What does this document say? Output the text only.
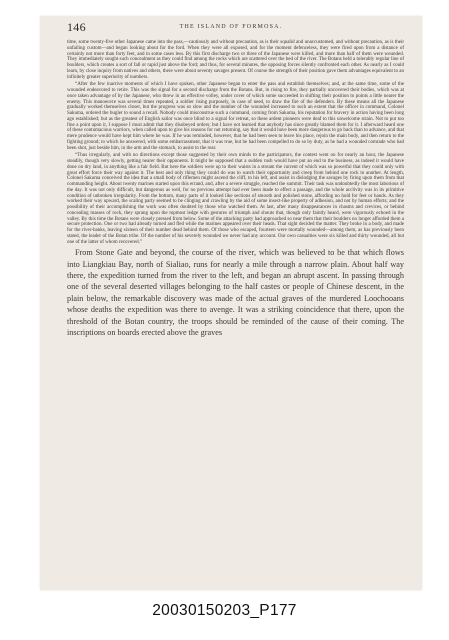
146	THE ISLAND OF FORMOSA.

time, some twenty-five other Japanese came into the pass,—cautiously and without precaution, as is their squalid and unaccustomed, and without precaution, as is their unfailing custom—and began looking about for the ford. When they were all exposed, and for the moment defenceless, they were fired upon from a distance of certainly not more than forty feet, and in some cases less. By this first discharge two or three of the Japanese were killed, and more than half of them were wounded. They immediately sought such concealment as they could find among the rocks which are scattered over the bed of the river. The Botans held a tolerably regular line of boulders, which creates a sort of fall or rapid just above the ford; and thus, for several minutes, the opposing forces silently confronted each other. As nearly as I could learn, by close inquiry from natives and others, there were about seventy savages present. Of course the strength of their position gave them advantages equivalent to an infinitely greater superiority of numbers.

“After the few inactive moments of which I have spoken, other Japanese began to enter the pass and establish themselves; and, at the same time, some of the wounded endeavored to retire. This was the signal for a second discharge from the Botans. But, in rising to fire, they partially uncovered their bodies, which was at once taken advantage of by the Japanese, who threw in an effective volley, under cover of which some succeeded in shifting their position to points a little nearer the enemy. This manoeuvre was several times repeated, a soldier rising purposely, in case of need, to draw the fire of the defenders. By these means all the Japanese gradually worked themselves closer, but the progress was so slow and the number of the wounded increased to such an extent that the officer in command, Colonel Sakuma, ordered the bugler to sound a recall. Nobody could misconstrue such a command, coming from Sakuma, his reputation for bravery in action having been long ago established; but as the greatest of English sailor was once blind to a signal for retreat, so these ardent pioneers were deaf to this unwelcome strain. Not to put too fine a point upon it, I suppose I must admit that they disobeyed orders; but I have not learned that anybody has since greatly blamed them for it. I afterward heard one of these contumacious warriors, when called upon to give his reasons for not returning, say that it would have been more dangerous to go back than to advance, and that mere prudence would have kept him where he was. If he was reminded, however, that he had been seen to leave his place, rejoin the main body, and then return to the fighting ground; to which he answered, with some embarrassment, that it was true, but he had been compelled to do so by duty, as he had a wounded comrade who had been shot, just beside him, in the arm and the stomach, to assist to the rear.

“Thus irregularly, and with no directions except those suggested by their own minds to the participators, the contest went on for nearly an hour, the Japanese steadily, though very slowly, getting nearer their opponents. It might be supposed that a sudden rush would have put an end to the business, as indeed it would have done on dry land, in anything like a fair field. But here the soldiers were up to their waists in a stream the current of which was so powerful that they could only with great effort force their way against it. The best and only thing they could do was to watch their opportunity and creep from behind one rock to another. At length, Colonel Sakuma conceived the idea that a small body of riflemen might ascend the cliff, to his left, and assist in dislodging the savages by firing upon them from that commanding height. About twenty marines started upon this errand, and, after a severe struggle, reached the summit. Their task was undoubtedly the most laborious of the day. It was not only difficult, but dangerous as well, for no previous attempt had ever been made to effect a passage, and the whole acclivity was in its primitive condition of unbroken irregularity. From the bottom, many parts of it looked like sections of smooth and polished stone, affording no hold for feet or hands. As they worked their way upward, the scaling party seemed to be clinging and crawling by the aid of some insect-like property of adhesion, and not by human efforts; and the possibility of their accomplishing the work was often doubted by those who watched them. At last, after many disappearances in chasms and crevices, or behind concealing masses of rock, they sprang upon the topmost ledge with gestures of triumph and shouts that, though only faintly heard, were vigorously echoed in the valley. By this time the Botans were closely pressed from below. Some of the attacking party had approached so near them that their boulders no longer afforded them a secure protection. One or two had already turned and fled while the marines appeared over their heads. That sight decided the matter. They broke in a body, and made for the river-banks, leaving sixteen of their number dead behind them. Of those who escaped, fourteen were mortally wounded—among them, as has previously been stated, the leader of the Botan tribe. Of the number of his severely wounded we never had any account. Our own casualties were six killed and thirty wounded, all but one of the latter of whom recovered.”

From Stone Gate and beyond, the course of the river, which was believed to be that which flows into Liangkiau Bay, north of Sialiao, runs for nearly a mile through a narrow plain. About half way there, the expedition turned from the river to the left, and began an abrupt ascent. In passing through one of the several deserted villages belonging to the half castes or people of Chinese descent, in the plain below, the remarkable discovery was made of the actual graves of the murdered Loochooans whose deaths the expedition was there to avenge. It was a striking coincidence that there, upon the threshold of the Botan country, the troops should be reminded of the cause of their coming. The inscriptions on boards erected above the graves

20030150203_P177
